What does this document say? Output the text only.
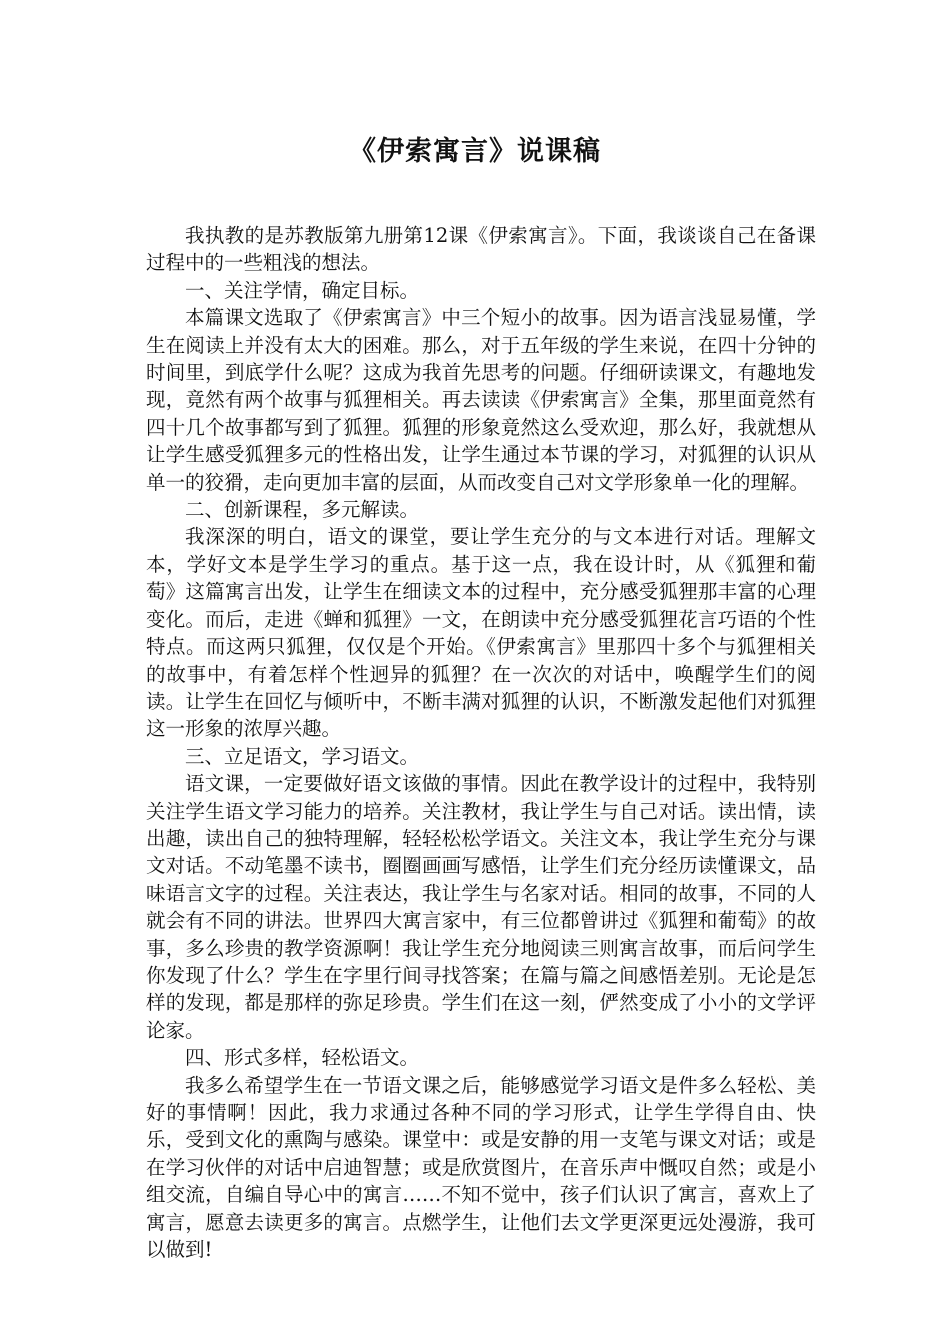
《伊索寓言》说课稿

我执教的是苏教版第九册第12课《伊索寓言》。下面，我谈谈自己在备课过程中的一些粗浅的想法。

一、关注学情，确定目标。

本篇课文选取了《伊索寓言》中三个短小的故事。因为语言浅显易懂，学生在阅读上并没有太大的困难。那么，对于五年级的学生来说，在四十分钟的时间里，到底学什么呢？这成为我首先思考的问题。仔细研读课文，有趣地发现，竟然有两个故事与狐狸相关。再去读读《伊索寓言》全集，那里面竟然有四十几个故事都写到了狐狸。狐狸的形象竟然这么受欢迎，那么好，我就想从让学生感受狐狸多元的性格出发，让学生通过本节课的学习，对狐狸的认识从单一的狡猾，走向更加丰富的层面，从而改变自己对文学形象单一化的理解。

二、创新课程，多元解读。

我深深的明白，语文的课堂，要让学生充分的与文本进行对话。理解文本，学好文本是学生学习的重点。基于这一点，我在设计时，从《狐狸和葡萄》这篇寓言出发，让学生在细读文本的过程中，充分感受狐狸那丰富的心理变化。而后，走进《蝉和狐狸》一文，在朗读中充分感受狐狸花言巧语的个性特点。而这两只狐狸，仅仅是个开始。《伊索寓言》里那四十多个与狐狸相关的故事中，有着怎样个性迥异的狐狸？在一次次的对话中，唤醒学生们的阅读。让学生在回忆与倾听中，不断丰满对狐狸的认识，不断激发起他们对狐狸这一形象的浓厚兴趣。

三、立足语文，学习语文。

语文课，一定要做好语文该做的事情。因此在教学设计的过程中，我特别关注学生语文学习能力的培养。关注教材，我让学生与自己对话。读出情，读出趣，读出自己的独特理解，轻轻松松学语文。关注文本，我让学生充分与课文对话。不动笔墨不读书，圈圈画画写感悟，让学生们充分经历读懂课文，品味语言文字的过程。关注表达，我让学生与名家对话。相同的故事，不同的人就会有不同的讲法。世界四大寓言家中，有三位都曾讲过《狐狸和葡萄》的故事，多么珍贵的教学资源啊！我让学生充分地阅读三则寓言故事，而后问学生你发现了什么？学生在字里行间寻找答案；在篇与篇之间感悟差别。无论是怎样的发现，都是那样的弥足珍贵。学生们在这一刻，俨然变成了小小的文学评论家。

四、形式多样，轻松语文。

我多么希望学生在一节语文课之后，能够感觉学习语文是件多么轻松、美好的事情啊！因此，我力求通过各种不同的学习形式，让学生学得自由、快乐，受到文化的熏陶与感染。课堂中：或是安静的用一支笔与课文对话；或是在学习伙伴的对话中启迪智慧；或是欣赏图片，在音乐声中慨叹自然；或是小组交流，自编自导心中的寓言……不知不觉中，孩子们认识了寓言，喜欢上了寓言，愿意去读更多的寓言。点燃学生，让他们去文学更深更远处漫游，我可以做到!
